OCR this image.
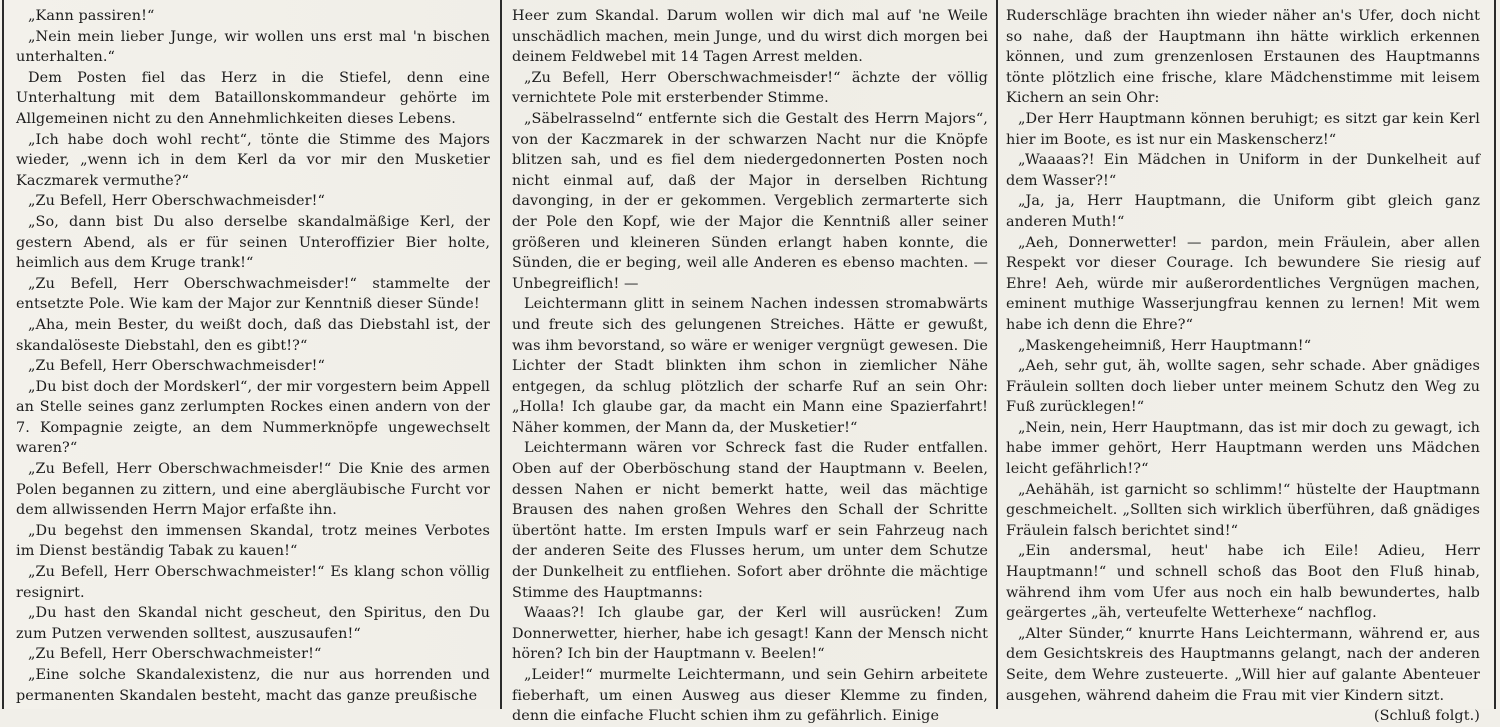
„Kann passiren!“

„Nein mein lieber Junge, wir wollen uns erst mal 'n bischen unterhalten.“

Dem Posten fiel das Herz in die Stiefel, denn eine Unterhaltung mit dem Bataillonskommandeur gehörte im Allgemeinen nicht zu den Annehmlichkeiten dieses Lebens.

„Ich habe doch wohl recht“, tönte die Stimme des Majors wieder, „wenn ich in dem Kerl da vor mir den Musketier Kaczmarek vermuthe?“

„Zu Befell, Herr Oberschwachmeisder!“

„So, dann bist Du also derselbe skandalmäßige Kerl, der gestern Abend, als er für seinen Unteroffizier Bier holte, heimlich aus dem Kruge trank!“

„Zu Befell, Herr Oberschwachmeisder!“ stammelte der entsetzte Pole. Wie kam der Major zur Kenntniß dieser Sünde!

„Aha, mein Bester, du weißt doch, daß das Diebstahl ist, der skandalöseste Diebstahl, den es gibt!?“

„Zu Befell, Herr Oberschwachmeisder!“

„Du bist doch der Mordskerl“, der mir vorgestern beim Appell an Stelle seines ganz zerlumpten Rockes einen andern von der 7. Kompagnie zeigte, an dem Nummerknöpfe ungewechselt waren?“

„Zu Befell, Herr Oberschwachmeisder!“ Die Knie des armen Polen begannen zu zittern, und eine abergläubische Furcht vor dem allwissenden Herrn Major erfaßte ihn.

„Du begehst den immensen Skandal, trotz meines Verbotes im Dienst beständig Tabak zu kauen!“

„Zu Befell, Herr Oberschwachmeister!“ Es klang schon völlig resignirt.

„Du hast den Skandal nicht gescheut, den Spiritus, den Du zum Putzen verwenden solltest, auszusaufen!“

„Zu Befell, Herr Oberschwachmeister!“

„Eine solche Skandalexistenz, die nur aus horrenden und permanenten Skandalen besteht, macht das ganze preußische

Heer zum Skandal. Darum wollen wir dich mal auf 'ne Weile unschädlich machen, mein Junge, und du wirst dich morgen bei deinem Feldwebel mit 14 Tagen Arrest melden.

„Zu Befell, Herr Oberschwachmeisder!“ ächzte der völlig vernichtete Pole mit ersterbender Stimme.

„Säbelrasselnd“ entfernte sich die Gestalt des Herrn Majors“, von der Kaczmarek in der schwarzen Nacht nur die Knöpfe blitzen sah, und es fiel dem niedergedonnerten Posten noch nicht einmal auf, daß der Major in derselben Richtung davonging, in der er gekommen. Vergeblich zermarterte sich der Pole den Kopf, wie der Major die Kenntniß aller seiner größeren und kleineren Sünden erlangt haben konnte, die Sünden, die er beging, weil alle Anderen es ebenso machten. — Unbegreiflich! —

Leichtermann glitt in seinem Nachen indessen stromabwärts und freute sich des gelungenen Streiches. Hätte er gewußt, was ihm bevorstand, so wäre er weniger vergnügt gewesen. Die Lichter der Stadt blinkten ihm schon in ziemlicher Nähe entgegen, da schlug plötzlich der scharfe Ruf an sein Ohr: „Holla! Ich glaube gar, da macht ein Mann eine Spazierfahrt! Näher kommen, der Mann da, der Musketier!“

Leichtermann wären vor Schreck fast die Ruder entfallen. Oben auf der Oberböschung stand der Hauptmann v. Beelen, dessen Nahen er nicht bemerkt hatte, weil das mächtige Brausen des nahen großen Wehres den Schall der Schritte übertönt hatte. Im ersten Impuls warf er sein Fahrzeug nach der anderen Seite des Flusses herum, um unter dem Schutze der Dunkelheit zu entfliehen. Sofort aber dröhnte die mächtige Stimme des Hauptmanns:

Waaas?! Ich glaube gar, der Kerl will ausrücken! Zum Donnerwetter, hierher, habe ich gesagt! Kann der Mensch nicht hören? Ich bin der Hauptmann v. Beelen!“

„Leider!“ murmelte Leichtermann, und sein Gehirn arbeitete fieberhaft, um einen Ausweg aus dieser Klemme zu finden, denn die einfache Flucht schien ihm zu gefährlich. Einige

Ruderschläge brachten ihn wieder näher an's Ufer, doch nicht so nahe, daß der Hauptmann ihn hätte wirklich erkennen können, und zum grenzenlosen Erstaunen des Hauptmanns tönte plötzlich eine frische, klare Mädchenstimme mit leisem Kichern an sein Ohr:

„Der Herr Hauptmann können beruhigt; es sitzt gar kein Kerl hier im Boote, es ist nur ein Maskenscherz!“

„Waaaas?! Ein Mädchen in Uniform in der Dunkelheit auf dem Wasser?!“

„Ja, ja, Herr Hauptmann, die Uniform gibt gleich ganz anderen Muth!“

„Aeh, Donnerwetter! — pardon, mein Fräulein, aber allen Respekt vor dieser Courage. Ich bewundere Sie riesig auf Ehre! Aeh, würde mir außerordentliches Vergnügen machen, eminent muthige Wasserjungfrau kennen zu lernen! Mit wem habe ich denn die Ehre?“

„Maskengeheimniß, Herr Hauptmann!“

„Aeh, sehr gut, äh, wollte sagen, sehr schade. Aber gnädiges Fräulein sollten doch lieber unter meinem Schutz den Weg zu Fuß zurücklegen!“

„Nein, nein, Herr Hauptmann, das ist mir doch zu gewagt, ich habe immer gehört, Herr Hauptmann werden uns Mädchen leicht gefährlich!?“

„Aehähäh, ist garnicht so schlimm!“ hüstelte der Hauptmann geschmeichelt. „Sollten sich wirklich überführen, daß gnädiges Fräulein falsch berichtet sind!“

„Ein andersmal, heut' habe ich Eile! Adieu, Herr Hauptmann!“ und schnell schoß das Boot den Fluß hinab, während ihm vom Ufer aus noch ein halb bewundertes, halb geärgertes „äh, verteufelte Wetterhexe“ nachflog.

„Alter Sünder,“ knurrte Hans Leichtermann, während er, aus dem Gesichtskreis des Hauptmanns gelangt, nach der anderen Seite, dem Wehre zusteuerte. „Will hier auf galante Abenteuer ausgehen, während daheim die Frau mit vier Kindern sitzt.

(Schluß folgt.)
